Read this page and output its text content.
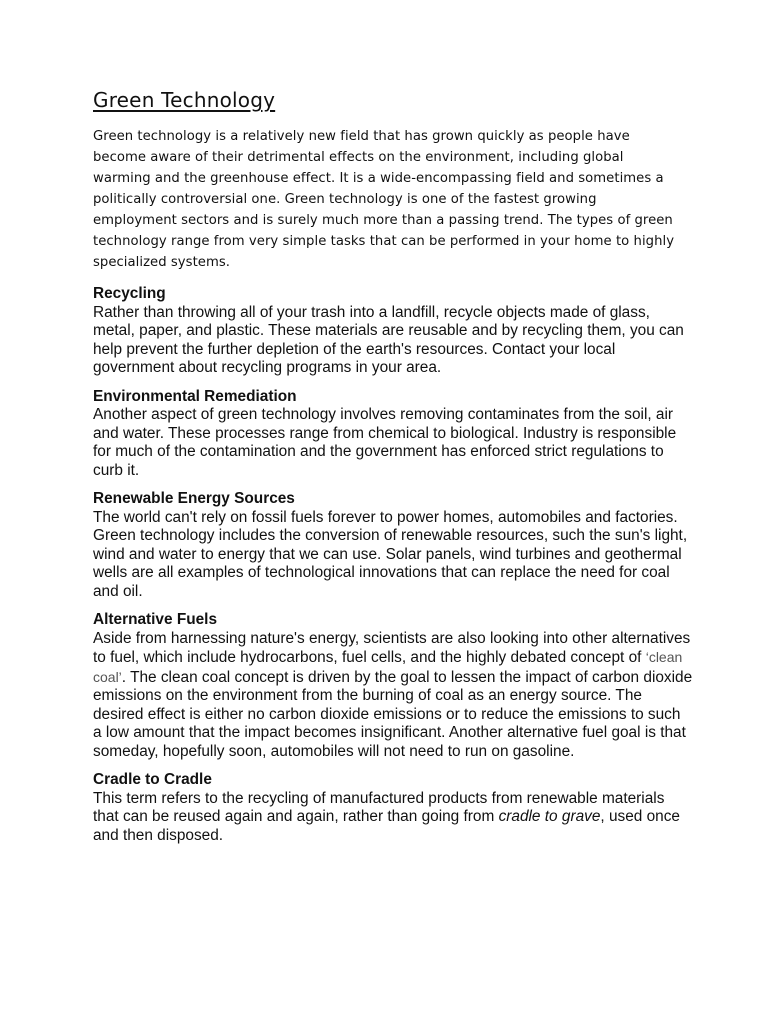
Green Technology

Green technology is a relatively new field that has grown quickly as people have become aware of their detrimental effects on the environment, including global warming and the greenhouse effect. It is a wide-encompassing field and sometimes a politically controversial one. Green technology is one of the fastest growing employment sectors and is surely much more than a passing trend. The types of green technology range from very simple tasks that can be performed in your home to highly specialized systems.

Recycling

Rather than throwing all of your trash into a landfill, recycle objects made of glass, metal, paper, and plastic. These materials are reusable and by recycling them, you can help prevent the further depletion of the earth's resources. Contact your local government about recycling programs in your area.

Environmental Remediation

Another aspect of green technology involves removing contaminates from the soil, air and water. These processes range from chemical to biological. Industry is responsible for much of the contamination and the government has enforced strict regulations to curb it.

Renewable Energy Sources

The world can't rely on fossil fuels forever to power homes, automobiles and factories. Green technology includes the conversion of renewable resources, such the sun's light, wind and water to energy that we can use. Solar panels, wind turbines and geothermal wells are all examples of technological innovations that can replace the need for coal and oil.

Alternative Fuels

Aside from harnessing nature's energy, scientists are also looking into other alternatives to fuel, which include hydrocarbons, fuel cells, and the highly debated concept of ‘clean coal’. The clean coal concept is driven by the goal to lessen the impact of carbon dioxide emissions on the environment from the burning of coal as an energy source. The desired effect is either no carbon dioxide emissions or to reduce the emissions to such a low amount that the impact becomes insignificant. Another alternative fuel goal is that someday, hopefully soon, automobiles will not need to run on gasoline.

Cradle to Cradle

This term refers to the recycling of manufactured products from renewable materials that can be reused again and again, rather than going from cradle to grave, used once and then disposed.
